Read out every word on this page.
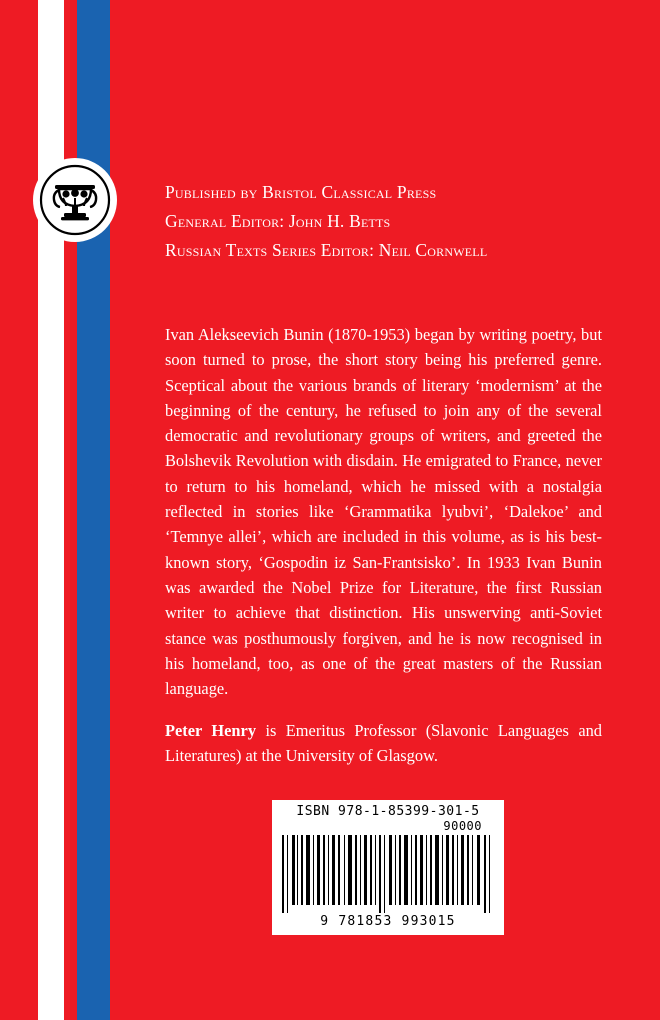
Published by Bristol Classical Press
General Editor: John H. Betts
Russian Texts Series Editor: Neil Cornwell
Ivan Alekseevich Bunin (1870-1953) began by writing poetry, but soon turned to prose, the short story being his preferred genre. Sceptical about the various brands of literary ‘modernism’ at the beginning of the century, he refused to join any of the several democratic and revolutionary groups of writers, and greeted the Bolshevik Revolution with disdain. He emigrated to France, never to return to his homeland, which he missed with a nostalgia reflected in stories like ‘Grammatika lyubvi’, ‘Dalekoe’ and ‘Temnye allei’, which are included in this volume, as is his best-known story, ‘Gospodin iz San-Frantsisko’. In 1933 Ivan Bunin was awarded the Nobel Prize for Literature, the first Russian writer to achieve that distinction. His unswerving anti-Soviet stance was posthumously forgiven, and he is now recognised in his homeland, too, as one of the great masters of the Russian language.
Peter Henry is Emeritus Professor (Slavonic Languages and Literatures) at the University of Glasgow.
ISBN 978-1-85399-301-5
90000
9 781853 993015
